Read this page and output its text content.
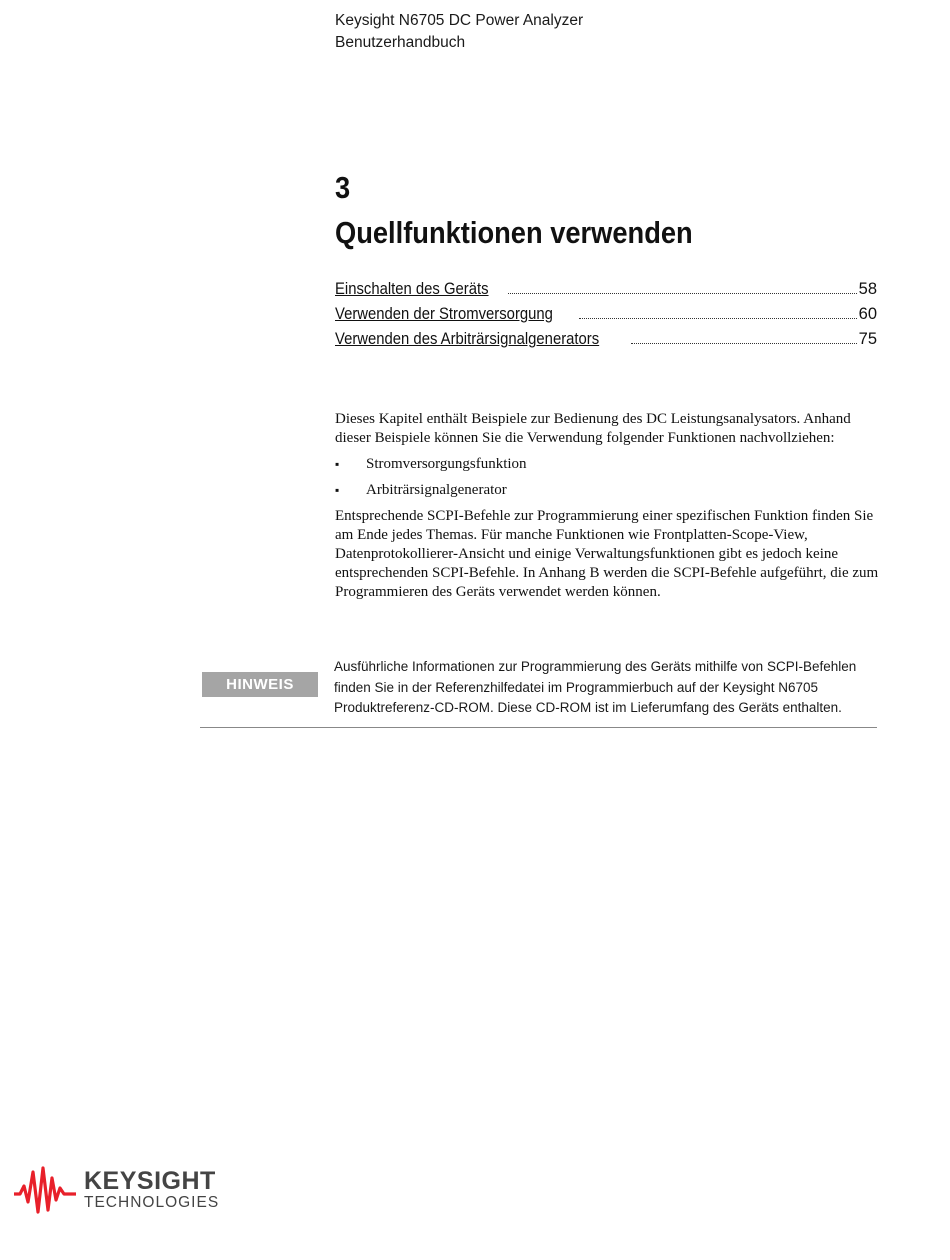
Keysight N6705 DC Power Analyzer
Benutzerhandbuch
3
Quellfunktionen verwenden
Einschalten des Geräts	58
Verwenden der Stromversorgung	60
Verwenden des Arbiträrsignalgenerators	75

Dieses Kapitel enthält Beispiele zur Bedienung des DC Leistungsanalysators. Anhand dieser Beispiele können Sie die Verwendung folgender Funktionen nachvollziehen:

▪ Stromversorgungsfunktion
▪ Arbiträrsignalgenerator

Entsprechende SCPI-Befehle zur Programmierung einer spezifischen Funktion finden Sie am Ende jedes Themas. Für manche Funktionen wie Frontplatten-Scope-View, Datenprotokollierer-Ansicht und einige Verwaltungsfunktionen gibt es jedoch keine entsprechenden SCPI-Befehle. In Anhang B werden die SCPI-Befehle aufgeführt, die zum Programmieren des Geräts verwendet werden können.

HINWEIS
Ausführliche Informationen zur Programmierung des Geräts mithilfe von SCPI-Befehlen finden Sie in der Referenzhilfedatei im Programmierbuch auf der Keysight N6705 Produktreferenz-CD-ROM. Diese CD-ROM ist im Lieferumfang des Geräts enthalten.
KEYSIGHT
TECHNOLOGIES
